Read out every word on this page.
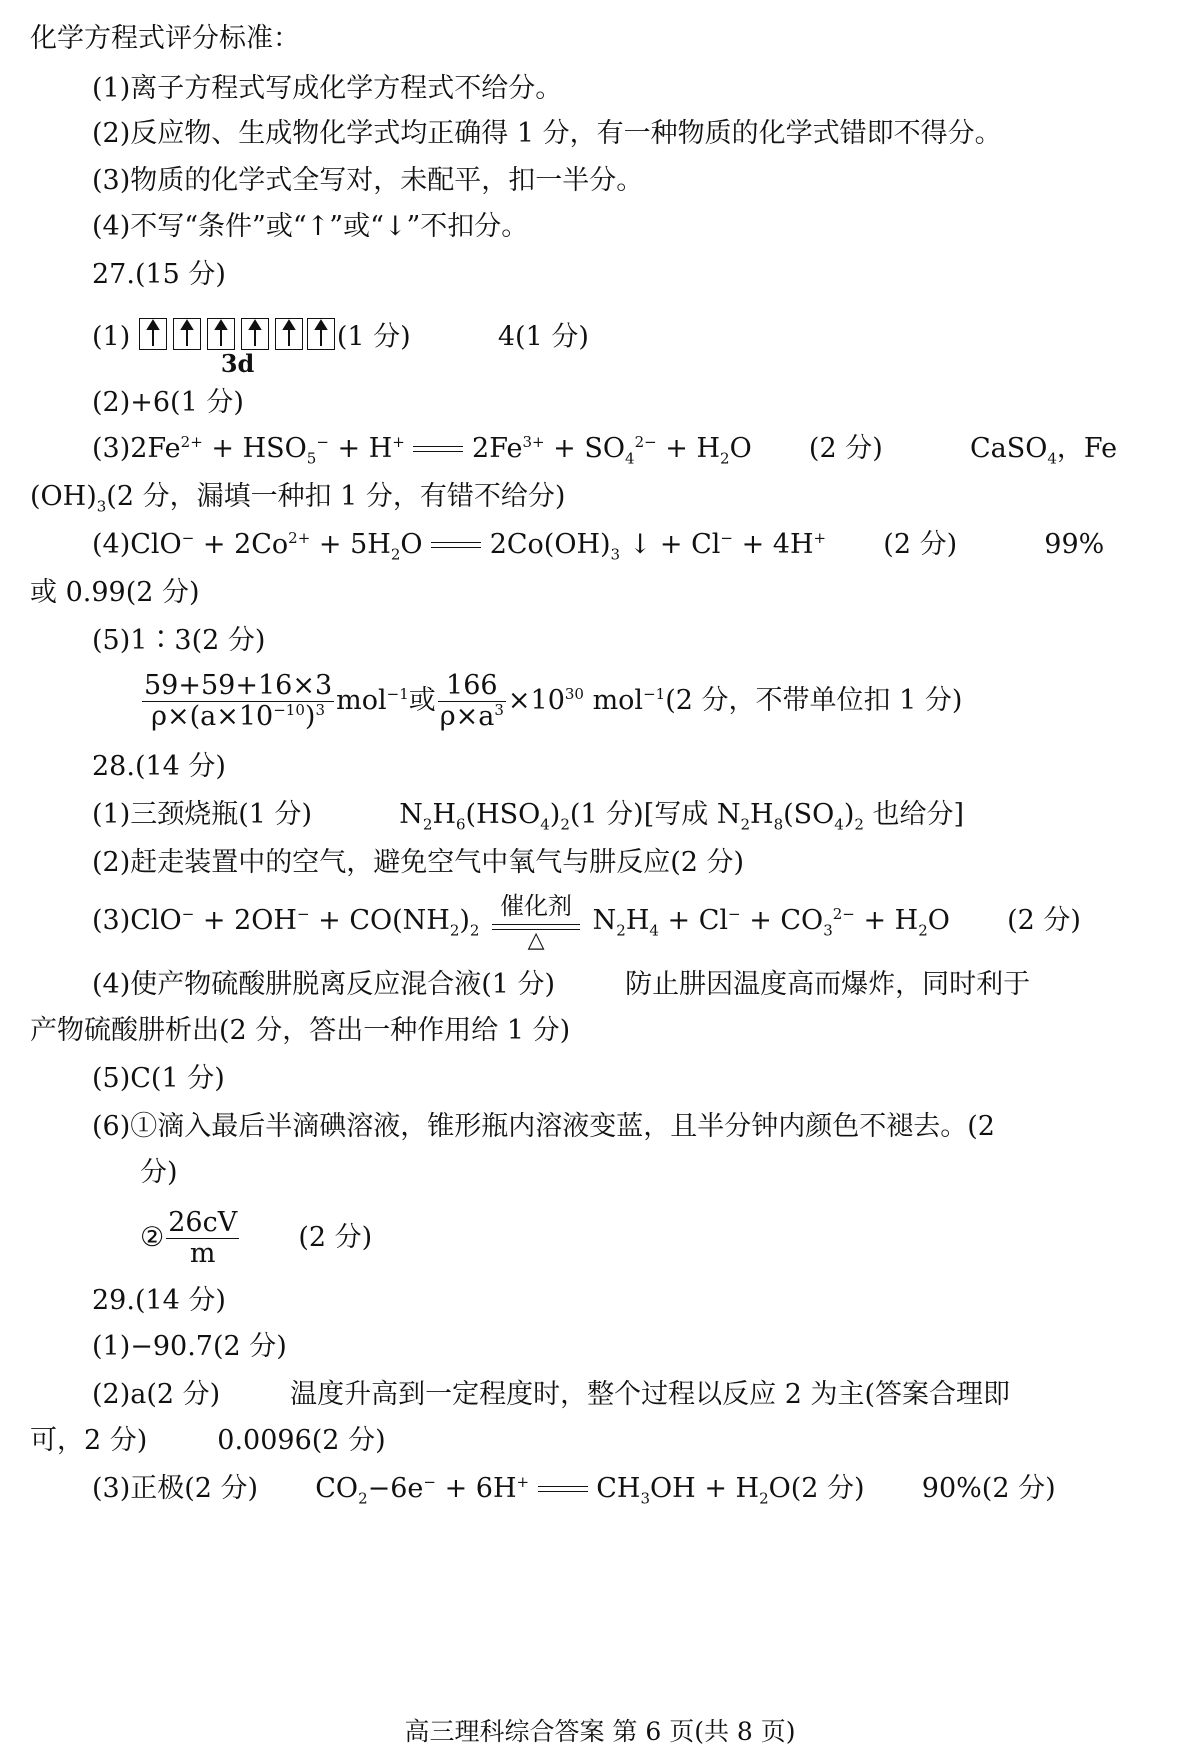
化学方程式评分标准：
(1)离子方程式写成化学方程式不给分。
(2)反应物、生成物化学式均正确得 1 分，有一种物质的化学式错即不得分。
(3)物质的化学式全写对，未配平，扣一半分。
(4)不写“条件”或“↑”或“↓”不扣分。
27.(15 分)
(1)
3d
(1 分)	4(1 分)
(2)+6(1 分)
$(3)2Fe^{2+} + HSO_5^- + H^+$ $2Fe^{3+} + SO_4^{2-} + H_2O$ (2 分)	CaSO$_4$，Fe
$(OH)_3(2$ 分，漏填一种扣 1 分，有错不给分)
$(4)ClO^- + 2Co^{2+} + 5H_2O$ $2Co(OH)_3$ ↓ + Cl− + 4H+ (2 分)	99%
或 0.99(2 分)
(5)1∶3(2 分)
$\frac{59+59+16\times 3}{\rho\times(a\times 10^{-10})^3} mol^{-1}$或 $\frac{166}{\rho\times a^3} \times 10^{30}$ mol$^{-1}$(2 分，不带单位扣 1 分)
28.(14 分)
(1)三颈烧瓶(1 分)	$N_2H_6(HSO_4)_2(1$ 分)[写成 $N_2H_8(SO_4)_2$ 也给分]
(2)赶走装置中的空气，避免空气中氧气与肼反应(2 分)
$(3)ClO^- + 2OH^- + CO(NH_2)_2$
催化剂
△
$N_2H_4 + Cl^- + CO_3^{2-} + H_2O$ (2 分)
(4)使产物硫酸肼脱离反应混合液(1 分)	防止肼因温度高而爆炸，同时利于
产物硫酸肼析出(2 分，答出一种作用给 1 分)
(5)C(1 分)
(6)①滴入最后半滴碘溶液，锥形瓶内溶液变蓝，且半分钟内颜色不褪去。(2
分)
② $\frac{26cV}{m} (2$ 分)
29.(14 分)
(1)−90.7(2 分)
(2)a(2 分)	温度升高到一定程度时，整个过程以反应 2 为主(答案合理即
可，2 分)	0.0096(2 分)
(3)正极(2 分) $CO_2-6e^- + 6H^+$ $CH_3OH + H_2O(2$ 分) 90%(2 分)
高三理科综合答案 第 6 页(共 8 页)
